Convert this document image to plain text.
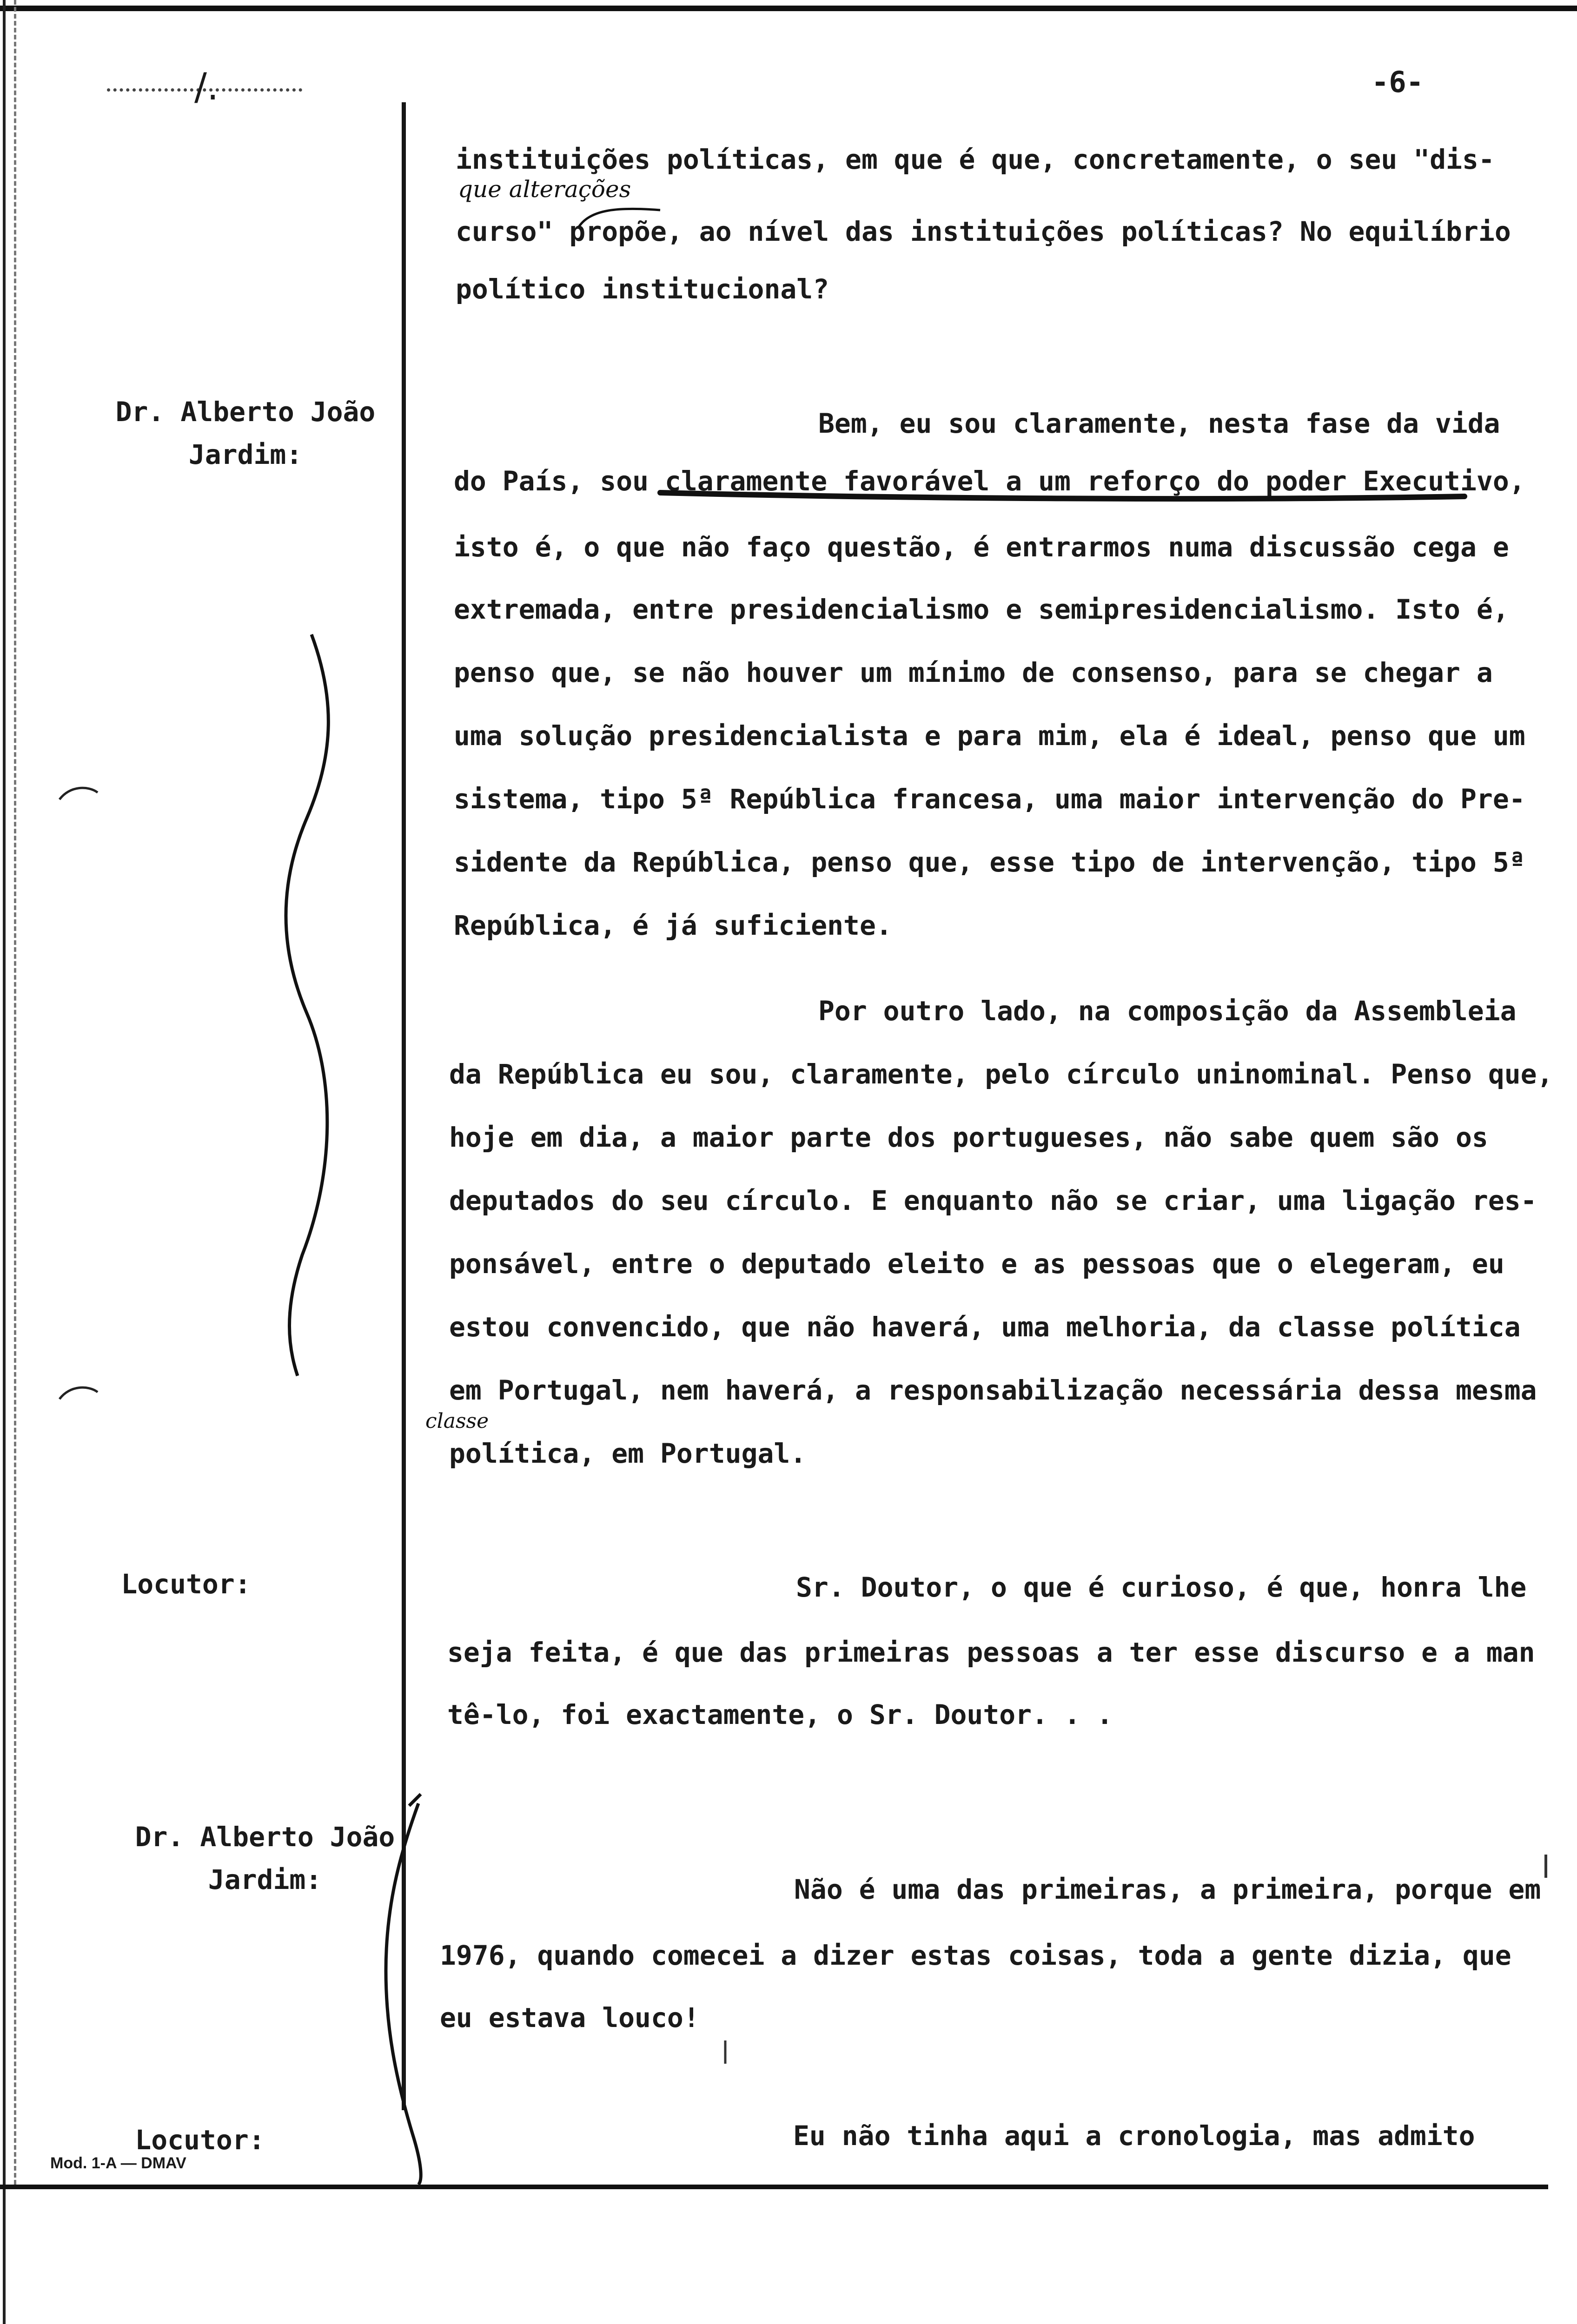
/.	-6-
instituições políticas, em que é que, concretamente, o seu "dis-
curso" propõe, ao nível das instituições políticas? No equilíbrio
político institucional?
que alterações
Dr. Alberto João
Jardim:
Bem, eu sou claramente, nesta fase da vida
do País, sou claramente favorável a um reforço do poder Executivo,
isto é, o que não faço questão, é entrarmos numa discussão cega e
extremada, entre presidencialismo e semipresidencialismo. Isto é,
penso que, se não houver um mínimo de consenso, para se chegar a
uma solução presidencialista e para mim, ela é ideal, penso que um
sistema, tipo 5ª República francesa, uma maior intervenção do Pre-
sidente da República, penso que, esse tipo de intervenção, tipo 5ª
República, é já suficiente.
Por outro lado, na composição da Assembleia
da República eu sou, claramente, pelo círculo uninominal. Penso que,
hoje em dia, a maior parte dos portugueses, não sabe quem são os
deputados do seu círculo. E enquanto não se criar, uma ligação res-
ponsável, entre o deputado eleito e as pessoas que o elegeram, eu
estou convencido, que não haverá, uma melhoria, da classe política
em Portugal, nem haverá, a responsabilização necessária dessa mesma
política, em Portugal.
classe
Locutor:	Sr. Doutor, o que é curioso, é que, honra lhe
seja feita, é que das primeiras pessoas a ter esse discurso e a man
tê-lo, foi exactamente, o Sr. Doutor. . .
Dr. Alberto João
Jardim:	Não é uma das primeiras, a primeira, porque em
1976, quando comecei a dizer estas coisas, toda a gente dizia, que
eu estava louco!
Locutor:	Eu não tinha aqui a cronologia, mas admito
Mod. 1-A — DMAV
